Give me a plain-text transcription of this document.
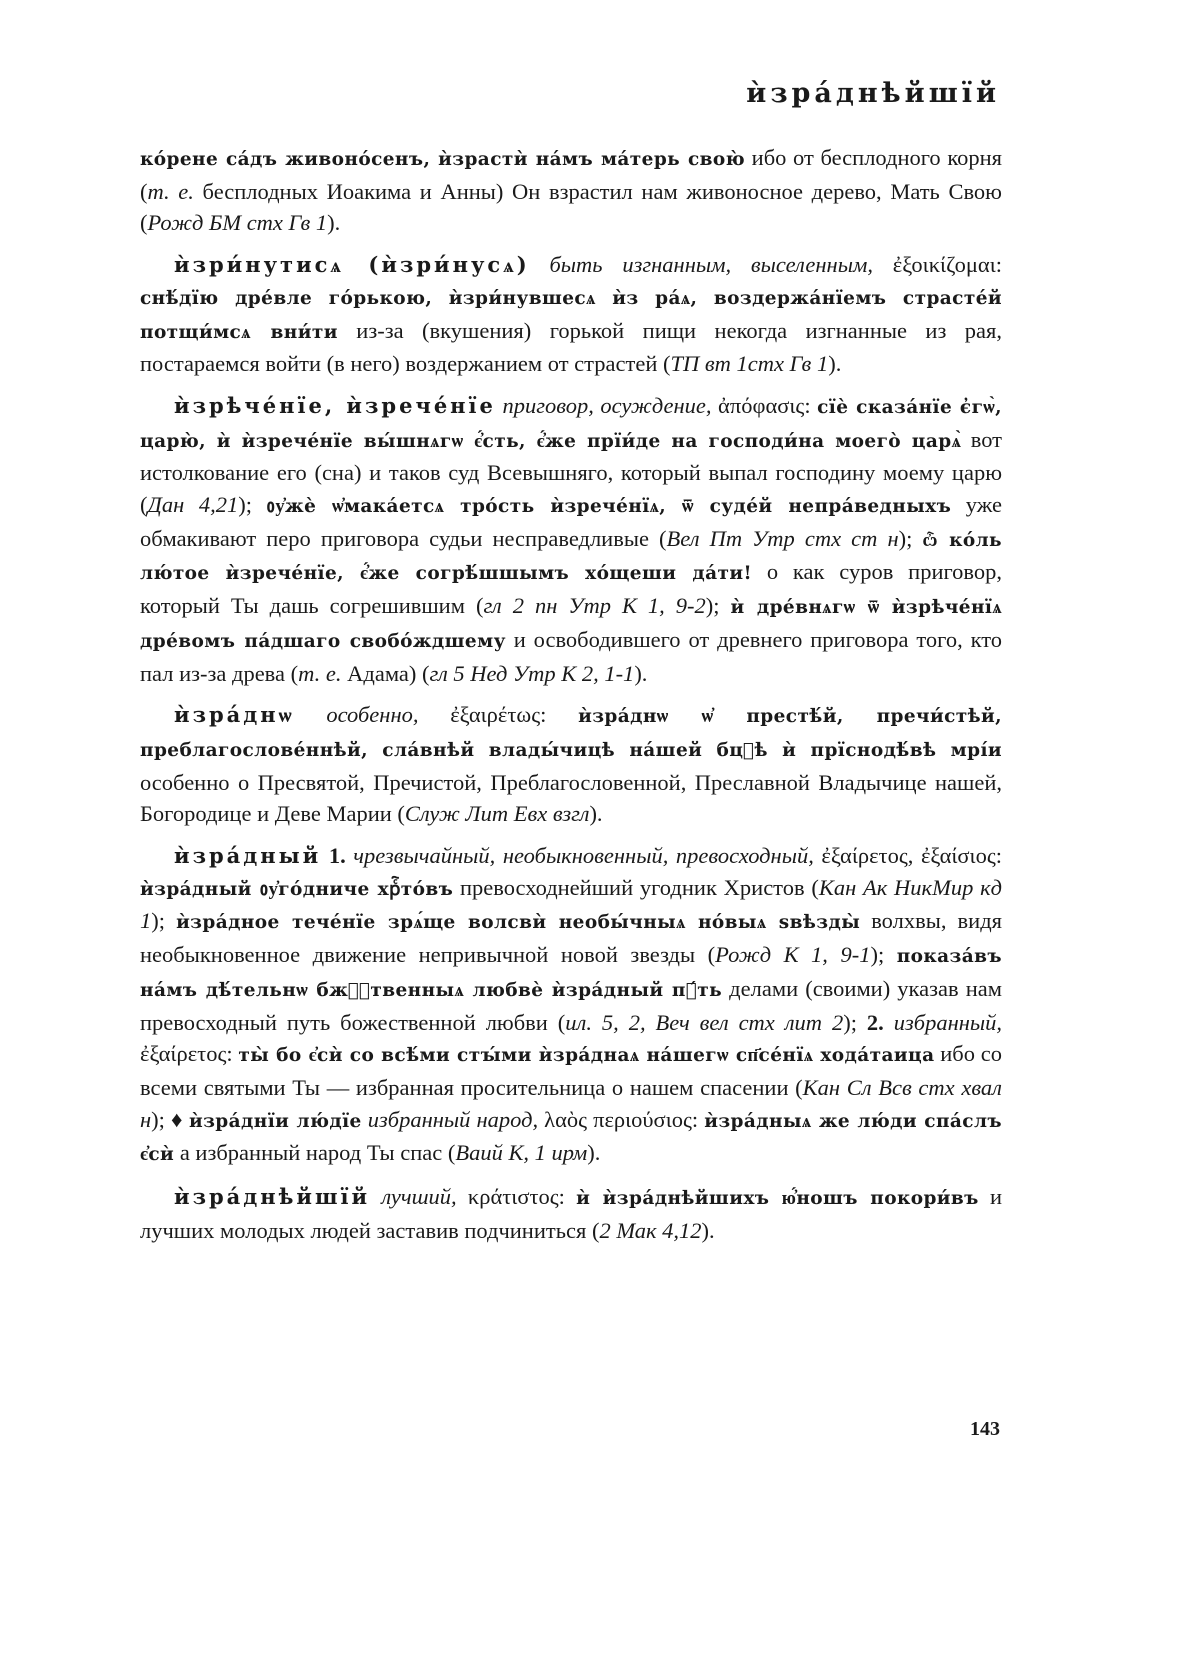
ѝзра́днѣйшїй

ко́рене са́дъ живоно́сенъ, ѝзрастѝ на́мъ ма́терь свою̀ ибо от бесплодного корня (т. е. бесплодных Иоакима и Анны) Он взрастил нам живоносное дерево, Мать Свою (Рожд БМ стх Гв 1).

ѝзри́нутисѧ (ѝзри́нусѧ) быть изгнанным, выселенным, ἐξοικίζομαι: снѣ́дїю дре́вле го́рькою, ѝзри́нувшесѧ ѝз ра́ѧ, воздержа́нїемъ страсте́й потщи́мсѧ вни́ти из-за (вкушения) горькой пищи некогда изгнанные из рая, постараемся войти (в него) воздержанием от страстей (ТП вт 1стх Гв 1).

ѝзрѣче́нїе, ѝзрече́нїе приговор, осуждение, ἀπόφασις: сїѐ сказа́нїе є̓гѡ̀, царю̀, ѝ ѝзрече́нїе вы́шнѧгѡ є҆́сть, є҆́же прїи́де на господи́на моего̀ царѧ̀ вот истолкование его (сна) и таков суд Всевышняго, который выпал господину моему царю (Дан 4,21); ᲂу҆жѐ ѡ҆мака́етсѧ тро́сть ѝзрече́нїѧ, ѿ суде́й непра́ведныхъ уже обмакивают перо приговора судьи несправедливые (Вел Пт Утр стх ст н); ѽ ко́ль лю́тое ѝзрече́нїе, є҆́же согрѣ́шшымъ хо́щеши да́ти! о как суров приговор, который Ты дашь согрешившим (гл 2 пн Утр К 1, 9-2); ѝ дре́внѧгѡ ѿ ѝзрѣче́нїѧ дре́вомъ па́дшаго свобо́ждшему и освободившего от древнего приговора того, кто пал из-за древа (т. е. Адама) (гл 5 Нед Утр К 2, 1-1).

ѝзра́днѡ особенно, ἐξαιρέτως: ѝзра́днѡ ѡ҆ престѣ́й, пречи́стѣй, преблагослове́ннѣй, сла́внѣй влады́чицѣ на́шей бцⷣѣ ѝ прїснодѣ́вѣ мрі́и особенно о Пресвятой, Пречистой, Преблагословенной, Преславной Владычице нашей, Богородице и Деве Марии (Служ Лит Евх взгл).

ѝзра́дный 1. чрезвычайный, необыкновенный, превосходный, ἐξαίρετος, ἐξαίσιος: ѝзра́дный ᲂу҆го́дниче хрⷭ҇то́въ превосходнейший угодник Христов (Кан Ак НикМир кд 1); ѝзра́дное тече́нїе зрѧ́ще волсвѝ необы́чныѧ но́выѧ ѕвѣзды̀ волхвы, видя необыкновенное движение непривычной новой звезды (Рожд К 1, 9-1); показа́въ на́мъ дѣ́тельнѡ бжⷭ҇твенныѧ любвѐ ѝзра́дный пꙋ́ть делами (своими) указав нам превосходный путь божественной любви (ил. 5, 2, Веч вел стх лит 2); 2. избранный, ἐξαίρετος: ты̀ бо є҆сѝ со всѣ́ми стꙑ́ми ѝзра́днаѧ на́шегѡ сп҃се́нїѧ хода́таица ибо со всеми святыми Ты — избранная просительница о нашем спасении (Кан Сл Всв стх хвал н); ♦ ѝзра́днїи лю́дїе избранный народ, λαὸς περιούσιος: ѝзра́дныѧ же лю́ди спа́слъ є҆сѝ а избранный народ Ты спас (Ваий К, 1 ирм).

ѝзра́днѣйшїй лучший, κράτιστος: ѝ ѝзра́днѣйшихъ ю҆́ношъ покори́въ и лучших молодых людей заставив подчиниться (2 Мак 4,12).

143
